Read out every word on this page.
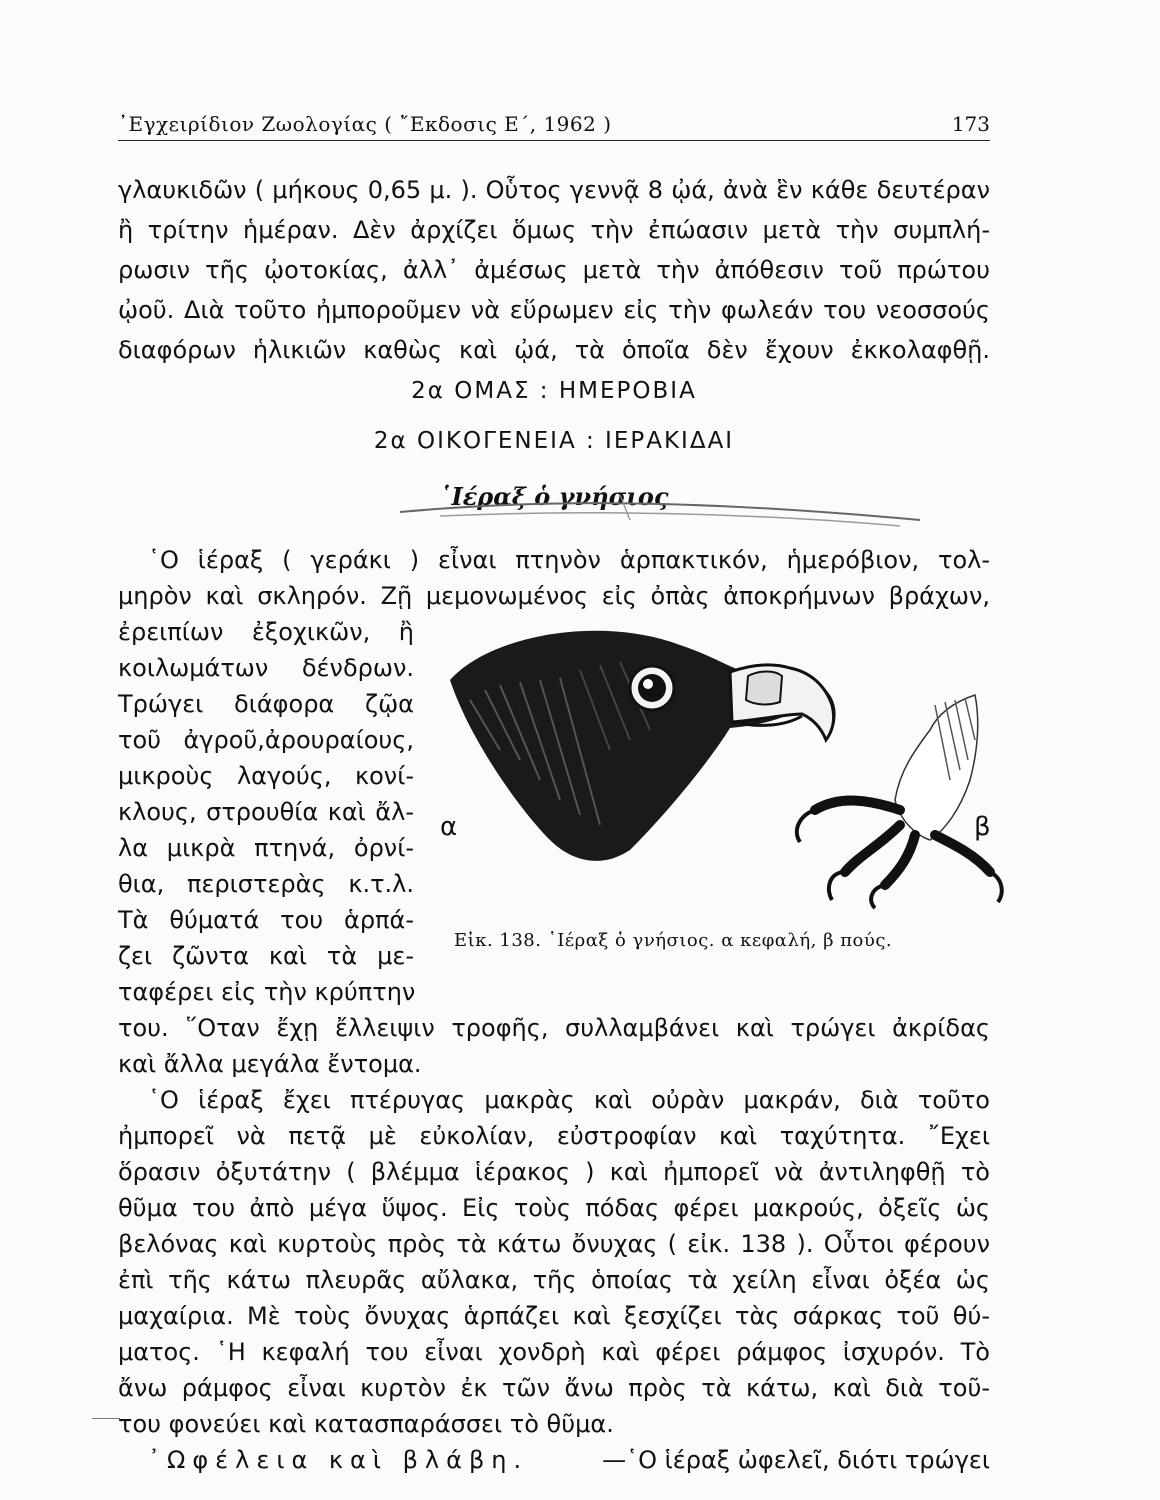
᾿Εγχειρίδιον Ζωολογίας ( ῎Εκδοσις Ε΄, 1962 )	173
γλαυκιδῶν ( μήκους 0,65 μ. ). Οὗτος γεννᾷ 8 ᾠά, ἀνὰ ἓν κάθε δευτέραν
ἢ τρίτην ἡμέραν. Δὲν ἀρχίζει ὅμως τὴν ἐπώασιν μετὰ τὴν συμπλή-
ρωσιν τῆς ᾠοτοκίας, ἀλλ᾿ ἀμέσως μετὰ τὴν ἀπόθεσιν τοῦ πρώτου
ᾠοῦ. Διὰ τοῦτο ἠμποροῦμεν νὰ εὕρωμεν εἰς τὴν φωλεάν του νεοσσούς
διαφόρων ἡλικιῶν καθὼς καὶ ᾠά, τὰ ὁποῖα δὲν ἔχουν ἐκκολαφθῇ.
2α ΟΜΑΣ : ΗΜΕΡΟΒΙΑ
2α ΟΙΚΟΓΕΝΕΙΑ : ΙΕΡΑΚΙΔΑΙ
῾Ιέραξ ὁ γνήσιος
῾Ο ἱέραξ ( γεράκι ) εἶναι πτηνὸν ἁρπακτικόν, ἡμερόβιον, τολ-
μηρὸν καὶ σκληρόν. Ζῇ μεμονωμένος εἰς ὀπὰς ἀποκρήμνων βράχων,
ἐρειπίων ἐξοχικῶν, ἢ
κοιλωμάτων δένδρων.
Τρώγει διάφορα ζῷα
τοῦ ἀγροῦ,ἀρουραίους,
μικροὺς λαγούς, κονί-
κλους, στρουθία καὶ ἄλ-
λα μικρὰ πτηνά, ὀρνί-
θια, περιστερὰς κ.τ.λ.
Τὰ θύματά του ἁρπά-
ζει ζῶντα καὶ τὰ με-
ταφέρει εἰς τὴν κρύπτην
α	β
Εἰκ. 138. ῾Ιέραξ ὁ γνήσιος. α κεφαλή, β πούς.
του. ῞Οταν ἔχῃ ἔλλειψιν τροφῆς, συλλαμβάνει καὶ τρώγει ἀκρίδας
καὶ ἄλλα μεγάλα ἔντομα.
῾Ο ἱέραξ ἔχει πτέρυγας μακρὰς καὶ οὐρὰν μακράν, διὰ τοῦτο
ἠμπορεῖ νὰ πετᾷ μὲ εὐκολίαν, εὐστροφίαν καὶ ταχύτητα. ῎Εχει
ὅρασιν ὀξυτάτην ( βλέμμα ἱέρακος ) καὶ ἠμπορεῖ νὰ ἀντιληφθῇ τὸ
θῦμα του ἀπὸ μέγα ὕψος. Εἰς τοὺς πόδας φέρει μακρούς, ὀξεῖς ὡς
βελόνας καὶ κυρτοὺς πρὸς τὰ κάτω ὄνυχας ( εἰκ. 138 ). Οὗτοι φέρουν
ἐπὶ τῆς κάτω πλευρᾶς αὔλακα, τῆς ὁποίας τὰ χείλη εἶναι ὀξέα ὡς
μαχαίρια. Μὲ τοὺς ὄνυχας ἁρπάζει καὶ ξεσχίζει τὰς σάρκας τοῦ θύ-
ματος. ῾Η κεφαλή του εἶναι χονδρὴ καὶ φέρει ράμφος ἰσχυρόν. Τὸ
ἄνω ράμφος εἶναι κυρτὸν ἐκ τῶν ἄνω πρὸς τὰ κάτω, καὶ διὰ τοῦ-
του φονεύει καὶ κατασπαράσσει τὸ θῦμα.
᾿Ωφέλεια καὶ βλάβη.	—῾Ο ἱέραξ ὠφελεῖ, διότι τρώγει
